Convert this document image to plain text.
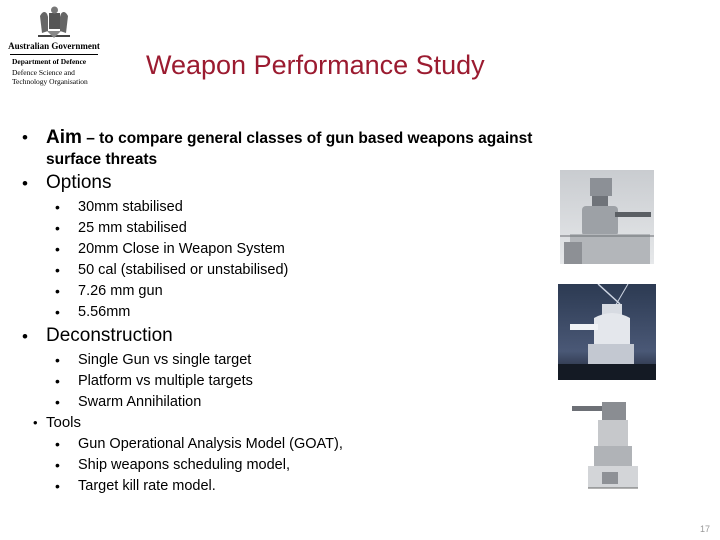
Australian Government
Department of Defence
Defence Science and Technology Organisation
Weapon Performance Study
• Aim – to compare general classes of gun based weapons against
surface threats
• Options
• 30mm stabilised
• 25 mm stabilised
• 20mm Close in Weapon System
• 50 cal (stabilised or unstabilised)
• 7.26 mm gun
• 5.56mm
• Deconstruction
• Single Gun vs single target
• Platform vs multiple targets
• Swarm Annihilation
• Tools
• Gun Operational Analysis Model (GOAT),
• Ship weapons scheduling model,
• Target kill rate model.
17
